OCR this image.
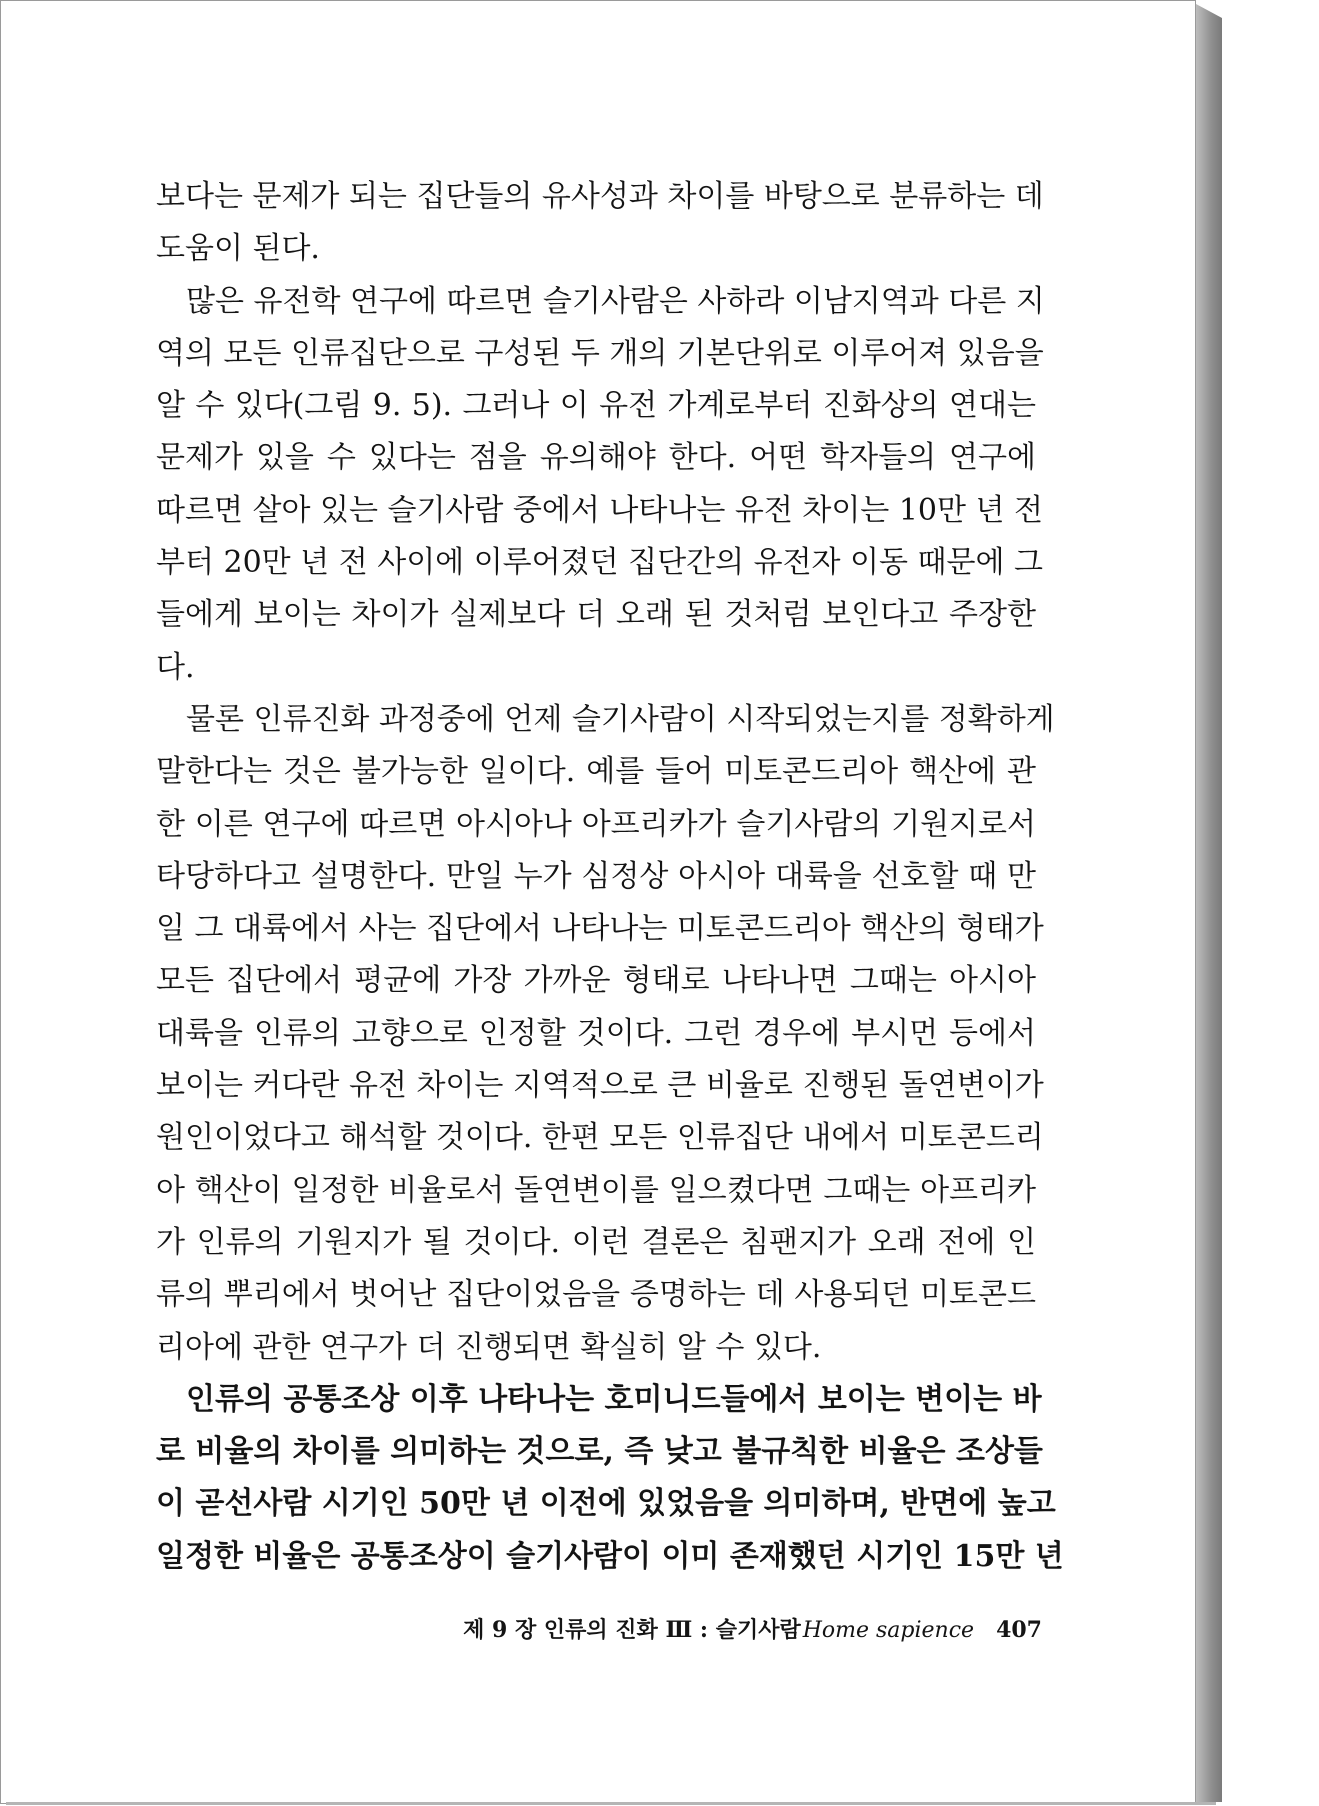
보다는 문제가 되는 집단들의 유사성과 차이를 바탕으로 분류하는 데
도움이 된다.
많은 유전학 연구에 따르면 슬기사람은 사하라 이남지역과 다른 지
역의 모든 인류집단으로 구성된 두 개의 기본단위로 이루어져 있음을
알 수 있다(그림 9. 5). 그러나 이 유전 가계로부터 진화상의 연대는
문제가 있을 수 있다는 점을 유의해야 한다. 어떤 학자들의 연구에
따르면 살아 있는 슬기사람 중에서 나타나는 유전 차이는 10만 년 전
부터 20만 년 전 사이에 이루어졌던 집단간의 유전자 이동 때문에 그
들에게 보이는 차이가 실제보다 더 오래 된 것처럼 보인다고 주장한
다.
물론 인류진화 과정중에 언제 슬기사람이 시작되었는지를 정확하게
말한다는 것은 불가능한 일이다. 예를 들어 미토콘드리아 핵산에 관
한 이른 연구에 따르면 아시아나 아프리카가 슬기사람의 기원지로서
타당하다고 설명한다. 만일 누가 심정상 아시아 대륙을 선호할 때 만
일 그 대륙에서 사는 집단에서 나타나는 미토콘드리아 핵산의 형태가
모든 집단에서 평균에 가장 가까운 형태로 나타나면 그때는 아시아
대륙을 인류의 고향으로 인정할 것이다. 그런 경우에 부시먼 등에서
보이는 커다란 유전 차이는 지역적으로 큰 비율로 진행된 돌연변이가
원인이었다고 해석할 것이다. 한편 모든 인류집단 내에서 미토콘드리
아 핵산이 일정한 비율로서 돌연변이를 일으켰다면 그때는 아프리카
가 인류의 기원지가 될 것이다. 이런 결론은 침팬지가 오래 전에 인
류의 뿌리에서 벗어난 집단이었음을 증명하는 데 사용되던 미토콘드
리아에 관한 연구가 더 진행되면 확실히 알 수 있다.
인류의 공통조상 이후 나타나는 호미니드들에서 보이는 변이는 바
로 비율의 차이를 의미하는 것으로, 즉 낮고 불규칙한 비율은 조상들
이 곧선사람 시기인 50만 년 이전에 있었음을 의미하며, 반면에 높고
일정한 비율은 공통조상이 슬기사람이 이미 존재했던 시기인 15만 년
제 9 장 인류의 진화 Ⅲ : 슬기사람Home sapience 407
